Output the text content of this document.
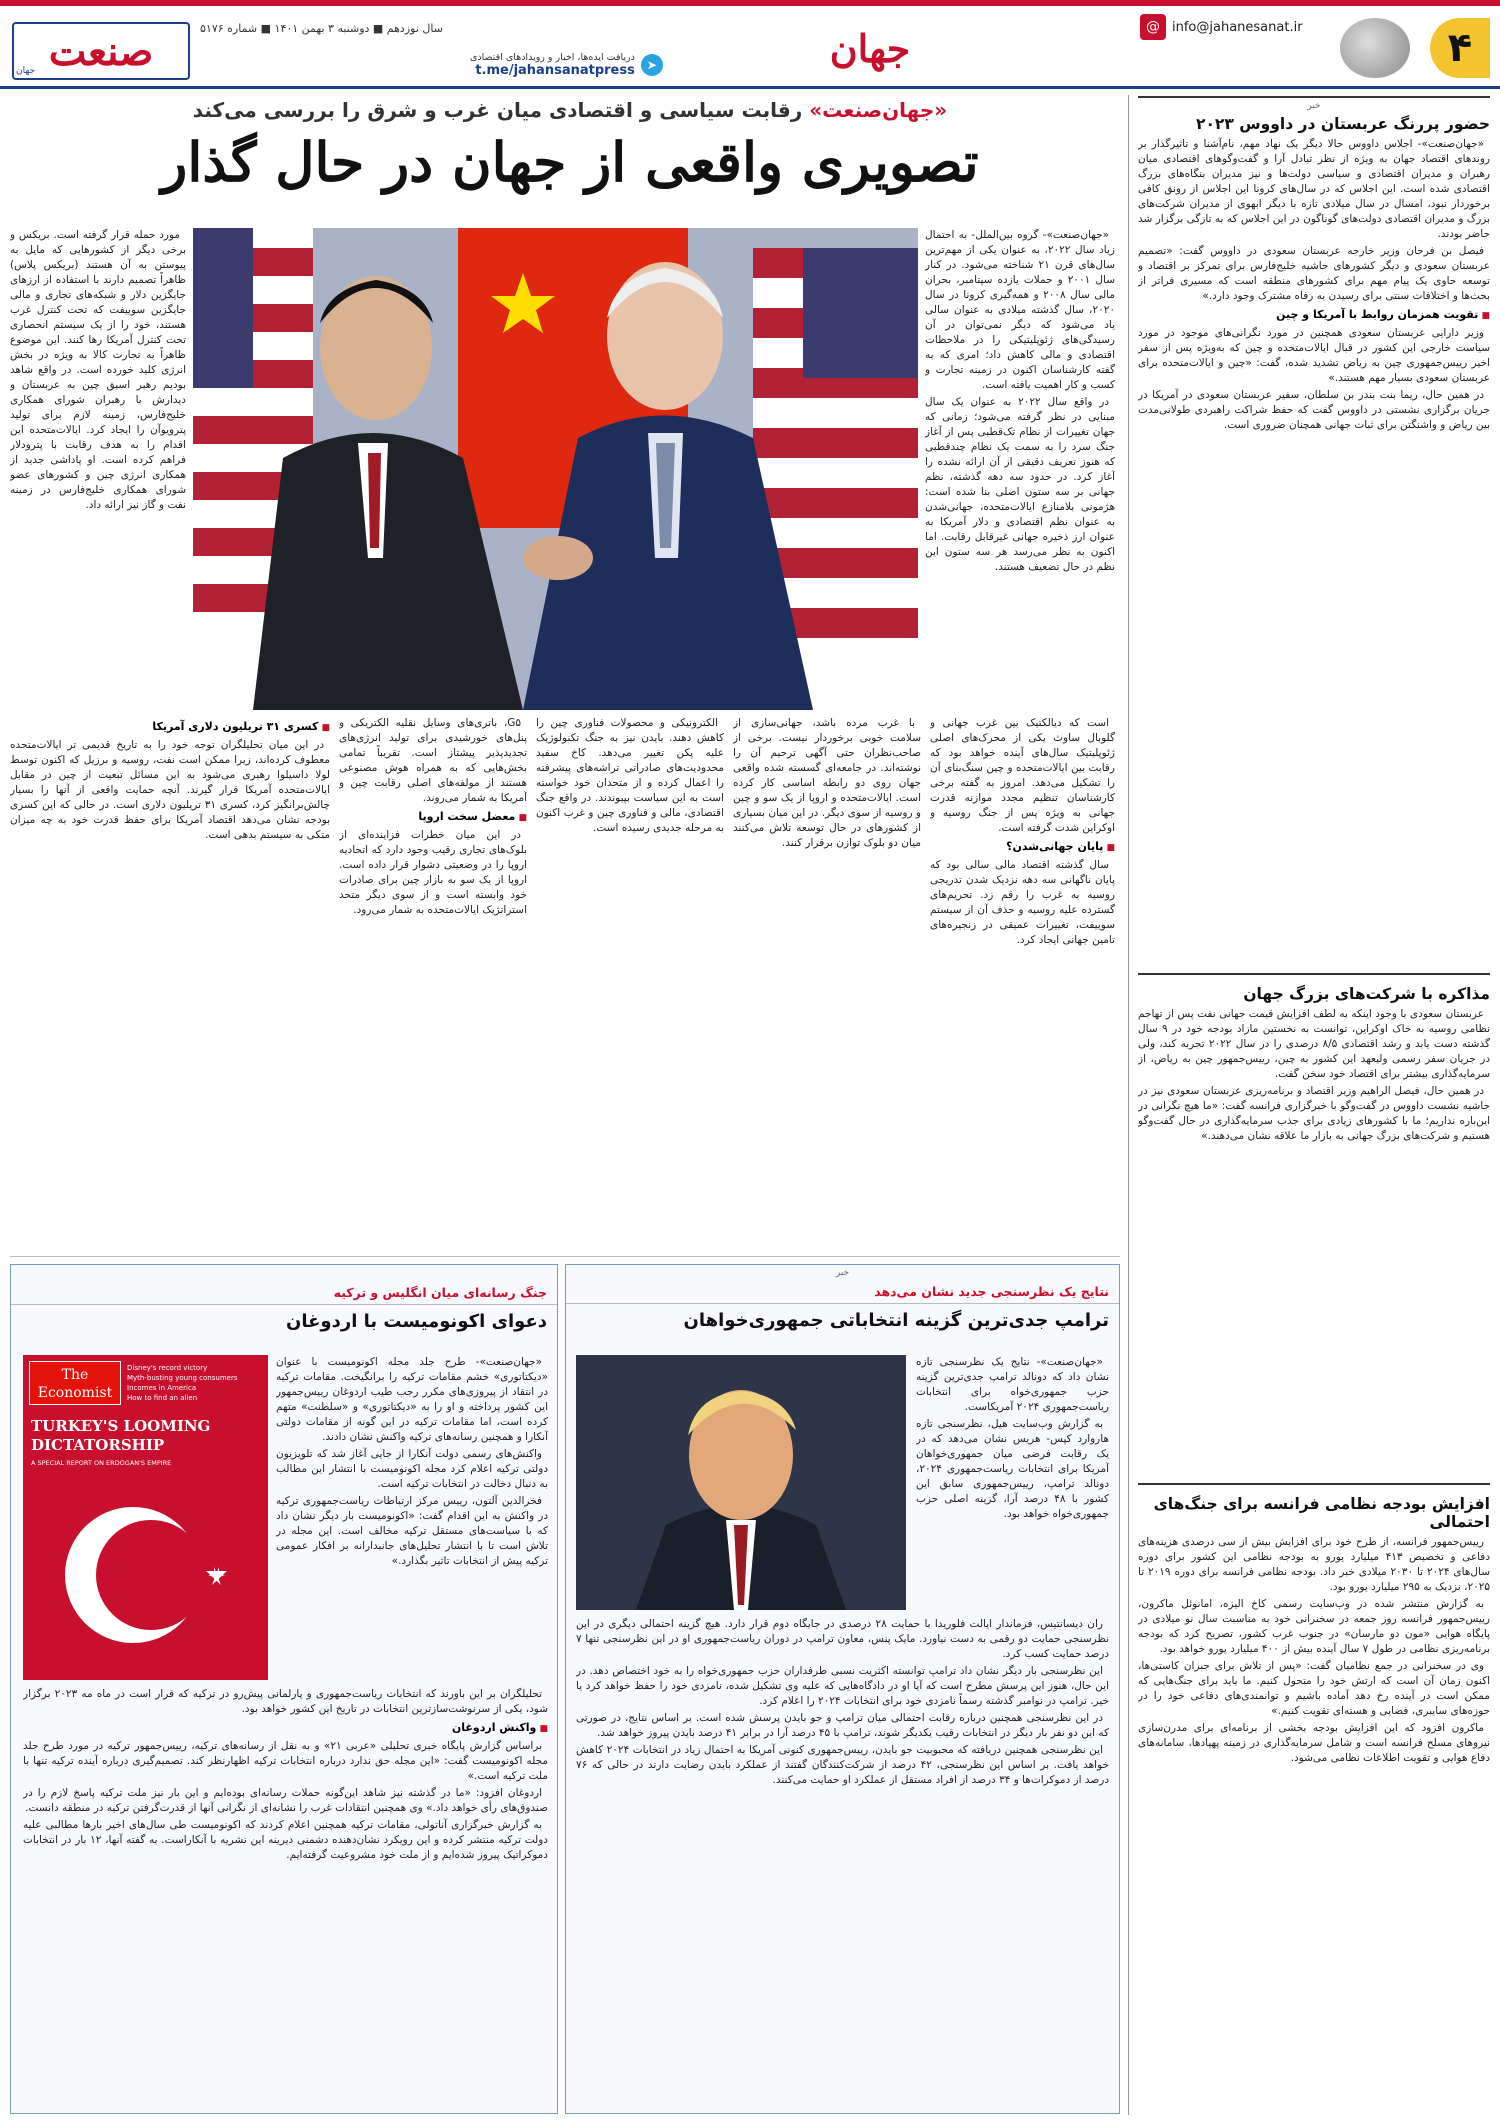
صنعت
جهان
سال نوزدهم ■ دوشنبه ۳ بهمن ۱۴۰۱ ■ شماره ۵۱۷۶
دریافت ایده‌ها، اخبار و رویدادهای اقتصادی
t.me/jahansanatpress ➤	جهان	@ info@jahanesanat.ir	۴
«جهان‌صنعت» رقابت سیاسی و اقتصادی میان غرب و شرق را بررسی می‌کند
تصویری واقعی از جهان در حال گذار

«جهان‌صنعت»- گروه بین‌الملل- به احتمال زیاد سال ۲۰۲۲، به عنوان یکی از مهم‌ترین سال‌های قرن ۲۱ شناخته می‌شود. در کنار سال ۲۰۰۱ و حملات یازده سپتامبر، بحران مالی سال ۲۰۰۸ و همه‌گیری کرونا در سال ۲۰۲۰، سال گذشته میلادی به عنوان سالی یاد می‌شود که دیگر نمی‌توان در آن رسیدگی‌های ژئوپلیتیکی را در ملاحظات اقتصادی و مالی کاهش داد؛ امری که به گفته کارشناسان اکنون در زمینه تجارت و کسب و کار اهمیت یافته است.

در واقع سال ۲۰۲۲ به عنوان یک سال مبنایی در نظر گرفته می‌شود؛ زمانی که جهان تغییرات از نظام تک‌قطبی پس از آغاز جنگ سرد را به سمت یک نظام چندقطبی که هنوز تعریف دقیقی از آن ارائه نشده را آغاز کرد. در حدود سه دهه گذشته، نظم جهانی بر سه ستون اصلی بنا شده است: هژمونی بلامنازع ایالات‌متحده، جهانی‌شدن به عنوان نظم اقتصادی و دلار آمریکا به عنوان ارز ذخیره جهانی غیرقابل رقابت. اما اکنون به نظر می‌رسد هر سه ستون این نظم در حال تضعیف هستند.

مورد حمله قرار گرفته است. بریکس و برخی دیگر از کشورهایی که مایل به پیوستن به آن هستند (بریکس پلاس) ظاهراً تصمیم دارند با استفاده از ارزهای جایگزین دلار و شبکه‌های تجاری و مالی جایگزین سوییفت که تحت کنترل غرب هستند، خود را از یک سیستم انحصاری تحت کنترل آمریکا رها کنند. این موضوع ظاهراً به تجارت کالا به ویژه در بخش انرژی کلید خورده است. در واقع شاهد بودیم رهبر اسبق چین به عربستان و دیدارش با رهبران شورای همکاری خلیج‌فارس، زمینه لازم برای تولید پترویوآن را ایجاد کرد. ایالات‌متحده این اقدام را به هدف رقابت با پترودلار فراهم کرده است. او پاداشی جدید از همکاری انرژی چین و کشورهای عضو شورای همکاری خلیج‌فارس در زمینه نفت و گاز نیز ارائه داد.

است که دیالکتیک بین غرب جهانی و گلوبال ساوث یکی از محرک‌های اصلی ژئوپلیتیک سال‌های آینده خواهد بود که رقابت بین ایالات‌متحده و چین سنگ‌بنای آن را تشکیل می‌دهد. امروز به گفته برخی کارشناسان تنظیم مجدد موازنه قدرت جهانی به ویژه پس از جنگ روسیه و اوکراین شدت گرفته است.

■ پایان جهانی‌شدن؟

سال گذشته اقتصاد مالی سالی بود که پایان ناگهانی سه دهه نزدیک شدن تدریجی روسیه به غرب را رقم زد. تحریم‌های گسترده علیه روسیه و حذف آن از سیستم سوییفت، تغییرات عمیقی در زنجیره‌های تامین جهانی ایجاد کرد.

با غرب مرده باشد، جهانی‌سازی از سلامت خوبی برخوردار نیست. برخی از صاحب‌نظران حتی آگهی ترحیم آن را نوشته‌اند. در جامعه‌ای گسسته شده واقعی جهان روی دو رابطه اساسی کار کرده است. ایالات‌متحده و اروپا از یک سو و چین و روسیه از سوی دیگر. در این میان بسیاری از کشورهای در حال توسعه تلاش می‌کنند میان دو بلوک توازن برقرار کنند.

الکترونیکی و محصولات فناوری چین را کاهش دهند. بایدن نیز به جنگ تکنولوژیک علیه پکن تغییر می‌دهد. کاخ سفید محدودیت‌های صادراتی تراشه‌های پیشرفته را اعمال کرده و از متحدان خود خواسته است به این سیاست بپیوندند. در واقع جنگ اقتصادی، مالی و فناوری چین و غرب اکنون به مرحله جدیدی رسیده است.

G۵، باتری‌های وسایل نقلیه الکتریکی و پنل‌های خورشیدی برای تولید انرژی‌های تجدیدپذیر پیشتاز است. تقریباً تمامی بخش‌هایی که به همراه هوش مصنوعی هستند از مولفه‌های اصلی رقابت چین و آمریکا به شمار می‌روند.

■ معضل سخت اروپا

در این میان خطرات فزاینده‌ای از بلوک‌های تجاری رقیب وجود دارد که اتحادیه اروپا را در وضعیتی دشوار قرار داده است. اروپا از یک سو به بازار چین برای صادرات خود وابسته است و از سوی دیگر متحد استراتژیک ایالات‌متحده به شمار می‌رود.

■ کسری ۳۱ تریلیون دلاری آمریکا

در این میان تحلیلگران توجه خود را به تاریخ قدیمی تر ایالات‌متحده معطوف کرده‌اند، زیرا ممکن است نفت، روسیه و برزیل که اکنون توسط لولا داسیلوا رهبری می‌شود به این مسائل تبعیت از چین در مقابل ایالات‌متحده آمریکا قرار گیرند. آنچه حمایت واقعی از آنها را بسیار چالش‌برانگیز کرد، کسری ۳۱ تریلیون دلاری است. در حالی که این کسری بودجه نشان می‌دهد اقتصاد آمریکا برای حفظ قدرت خود به چه میزان متکی به سیستم بدهی است.

خبر
نتایج یک نظرسنجی جدید نشان می‌دهد
ترامپ جدی‌ترین گزینه انتخاباتی جمهوری‌خواهان

«جهان‌صنعت»- نتایج یک نظرسنجی تازه نشان داد که دونالد ترامپ جدی‌ترین گزینه حزب جمهوری‌خواه برای انتخابات ریاست‌جمهوری ۲۰۲۴ آمریکاست.

به گزارش وب‌سایت هیل، نظرسنجی تازه هاروارد کپس- هریس نشان می‌دهد که در یک رقابت فرضی میان جمهوری‌خواهان آمریکا برای انتخابات ریاست‌جمهوری ۲۰۲۴، دونالد ترامپ، رییس‌جمهوری سابق این کشور با ۴۸ درصد آرا، گزینه اصلی حزب جمهوری‌خواه خواهد بود.

ران دیسانتیس، فرماندار ایالت فلوریدا با حمایت ۲۸ درصدی در جایگاه دوم قرار دارد. هیچ گزینه احتمالی دیگری در این نظرسنجی حمایت دو رقمی به دست نیاورد. مایک پنس، معاون ترامپ در دوران ریاست‌جمهوری او در این نظرسنجی تنها ۷ درصد حمایت کسب کرد.

این نظرسنجی بار دیگر نشان داد ترامپ توانسته اکثریت نسبی طرفداران حزب جمهوری‌خواه را به خود اختصاص دهد. در این حال، هنوز این پرسش مطرح است که آیا او در دادگاه‌هایی که علیه وی تشکیل شده، نامزدی خود را حفظ خواهد کرد یا خیر. ترامپ در نوامبر گذشته رسماً نامزدی خود برای انتخابات ۲۰۲۴ را اعلام کرد.

در این نظرسنجی همچنین درباره رقابت احتمالی میان ترامپ و جو بایدن پرسش شده است. بر اساس نتایج، در صورتی که این دو نفر بار دیگر در انتخابات رقیب یکدیگر شوند، ترامپ با ۴۵ درصد آرا در برابر ۴۱ درصد بایدن پیروز خواهد شد.

این نظرسنجی همچنین دریافته که محبوبیت جو بایدن، رییس‌جمهوری کنونی آمریکا به احتمال زیاد در انتخابات ۲۰۲۴ کاهش خواهد یافت. بر اساس این نظرسنجی، ۴۲ درصد از شرکت‌کنندگان گفتند از عملکرد بایدن رضایت دارند در حالی که ۷۶ درصد از دموکرات‌ها و ۳۴ درصد از افراد مستقل از عملکرد او حمایت می‌کنند.

جنگ رسانه‌ای میان انگلیس و ترکیه
دعوای اکونومیست با اردوغان
The Economist
Disney's record victory
Myth-busting young consumers
Incomes in America
How to find an alien
TURKEY'S LOOMING DICTATORSHIP
A SPECIAL REPORT ON ERDOGAN'S EMPIRE

«جهان‌صنعت»- طرح جلد مجله اکونومیست با عنوان «دیکتاتوری» خشم مقامات ترکیه را برانگیخت. مقامات ترکیه در انتقاد از پیروزی‌های مکرر رجب طیب اردوغان رییس‌جمهور این کشور پرداخته و او را به «دیکتاتوری» و «سلطنت» متهم کرده است، اما مقامات ترکیه در این گونه از مقامات دولتی آنکارا و همچنین رسانه‌های ترکیه واکنش نشان دادند.

واکنش‌های رسمی دولت آنکارا از جایی آغاز شد که تلویزیون دولتی ترکیه اعلام کرد مجله اکونومیست با انتشار این مطالب به دنبال دخالت در انتخابات ترکیه است.

فخرالدین آلتون، رییس مرکز ارتباطات ریاست‌جمهوری ترکیه در واکنش به این اقدام گفت: «اکونومیست بار دیگر نشان داد که با سیاست‌های مستقل ترکیه مخالف است. این مجله در تلاش است تا با انتشار تحلیل‌های جانبدارانه بر افکار عمومی ترکیه پیش از انتخابات تاثیر بگذارد.»

تحلیلگران بر این باورند که انتخابات ریاست‌جمهوری و پارلمانی پیش‌رو در ترکیه که قرار است در ماه مه ۲۰۲۳ برگزار شود، یکی از سرنوشت‌سازترین انتخابات در تاریخ این کشور خواهد بود.

■ واکنش اردوغان

براساس گزارش پایگاه خبری تحلیلی «عربی ۲۱» و به نقل از رسانه‌های ترکیه، رییس‌جمهور ترکیه در مورد طرح جلد مجله اکونومیست گفت: «این مجله حق ندارد درباره انتخابات ترکیه اظهارنظر کند. تصمیم‌گیری درباره آینده ترکیه تنها با ملت ترکیه است.»

اردوغان افزود: «ما در گذشته نیز شاهد این‌گونه حملات رسانه‌ای بوده‌ایم و این بار نیز ملت ترکیه پاسخ لازم را در صندوق‌های رأی خواهد داد.» وی همچنین انتقادات غرب را نشانه‌ای از نگرانی آنها از قدرت‌گرفتن ترکیه در منطقه دانست.

به گزارش خبرگزاری آناتولی، مقامات ترکیه همچنین اعلام کردند که اکونومیست طی سال‌های اخیر بارها مطالبی علیه دولت ترکیه منتشر کرده و این رویکرد نشان‌دهنده دشمنی دیرینه این نشریه با آنکاراست. به گفته آنها، ۱۲ بار در انتخابات دموکراتیک پیروز شده‌ایم و از ملت خود مشروعیت گرفته‌ایم.

خبر
حضور پررنگ عربستان در داووس ۲۰۲۳

«جهان‌صنعت»- اجلاس داووس حالا دیگر یک نهاد مهم، نام‌آشنا و تاثیرگذار بر روندهای اقتصاد جهان به ویژه از نظر تبادل آرا و گفت‌وگوهای اقتصادی میان رهبران و مدیران اقتصادی و سیاسی دولت‌ها و نیز مدیران بنگاه‌های بزرگ اقتصادی شده است. این اجلاس که در سال‌های کرونا این اجلاس از رونق کافی برخوردار نبود، امسال در سال میلادی تازه با دیگر ابهوی از مدیران شرکت‌های بزرگ و مدیران اقتصادی دولت‌های گوناگون در این اجلاس که به تازگی برگزار شد حاضر بودند.

فیصل بن فرحان وزیر خارجه عربستان سعودی در داووس گفت: «تصمیم عربستان سعودی و دیگر کشورهای حاشیه خلیج‌فارس برای تمرکز بر اقتصاد و توسعه حاوی یک پیام مهم برای کشورهای منطقه است که مسیری فراتر از بحث‌ها و اختلافات سنتی برای رسیدن به رفاه مشترک وجود دارد.»

■ تقویت همزمان روابط با آمریکا و چین

وزیر دارایی عربستان سعودی همچنین در مورد نگرانی‌های موجود در مورد سیاست خارجی این کشور در قبال ایالات‌متحده و چین که به‌ویژه پس از سفر اخیر رییس‌جمهوری چین به ریاض تشدید شده، گفت: «چین و ایالات‌متحده برای عربستان سعودی بسیار مهم هستند.»

در همین حال، ریما بنت بندر بن سلطان، سفیر عربستان سعودی در آمریکا در جریان برگزاری نشستی در داووس گفت که حفظ شراکت راهبردی طولانی‌مدت بین ریاض و واشنگتن برای ثبات جهانی همچنان ضروری است.

مذاکره با شرکت‌های بزرگ جهان

عربستان سعودی با وجود اینکه به لطف افزایش قیمت جهانی نفت پس از تهاجم نظامی روسیه به خاک اوکراین، توانست به نخستین مازاد بودجه خود در ۹ سال گذشته دست یابد و رشد اقتصادی ۸/۵ درصدی را در سال ۲۰۲۲ تجربه کند، ولی در جریان سفر رسمی ولیعهد این کشور به چین، رییس‌جمهور چین به ریاض، از سرمایه‌گذاری بیشتر برای اقتصاد خود سخن گفت.

در همین حال، فیصل الراهیم وزیر اقتصاد و برنامه‌ریزی عربستان سعودی نیز در حاشیه نشست داووس در گفت‌وگو با خبرگزاری فرانسه گفت: «ما هیچ نگرانی در این‌باره نداریم؛ ما با کشورهای زیادی برای جذب سرمایه‌گذاری در حال گفت‌وگو هستیم و شرکت‌های بزرگ جهانی به بازار ما علاقه نشان می‌دهند.»

افزایش بودجه نظامی فرانسه برای جنگ‌های احتمالی

رییس‌جمهور فرانسه، از طرح خود برای افزایش بیش از سی درصدی هزینه‌های دفاعی و تخصیص ۴۱۳ میلیارد یورو به بودجه نظامی این کشور برای دوره سال‌های ۲۰۲۴ تا ۲۰۳۰ میلادی خبر داد. بودجه نظامی فرانسه برای دوره ۲۰۱۹ تا ۲۰۲۵، نزدیک به ۲۹۵ میلیارد یورو بود.

به گزارش منتشر شده در وب‌سایت رسمی کاخ الیزه، امانوئل ماکرون، رییس‌جمهور فرانسه روز جمعه در سخنرانی خود به مناسبت سال نو میلادی در پایگاه هوایی «مون دو مارسان» در جنوب غرب کشور، تصریح کرد که بودجه برنامه‌ریزی نظامی در طول ۷ سال آینده بیش از ۴۰۰ میلیارد یورو خواهد بود.

وی در سخنرانی در جمع نظامیان گفت: «پس از تلاش برای جبران کاستی‌ها، اکنون زمان آن است که ارتش خود را متحول کنیم. ما باید برای جنگ‌هایی که ممکن است در آینده رخ دهد آماده باشیم و توانمندی‌های دفاعی خود را در حوزه‌های سایبری، فضایی و هسته‌ای تقویت کنیم.»

ماکرون افزود که این افزایش بودجه بخشی از برنامه‌ای برای مدرن‌سازی نیروهای مسلح فرانسه است و شامل سرمایه‌گذاری در زمینه پهپادها، سامانه‌های دفاع هوایی و تقویت اطلاعات نظامی می‌شود.
